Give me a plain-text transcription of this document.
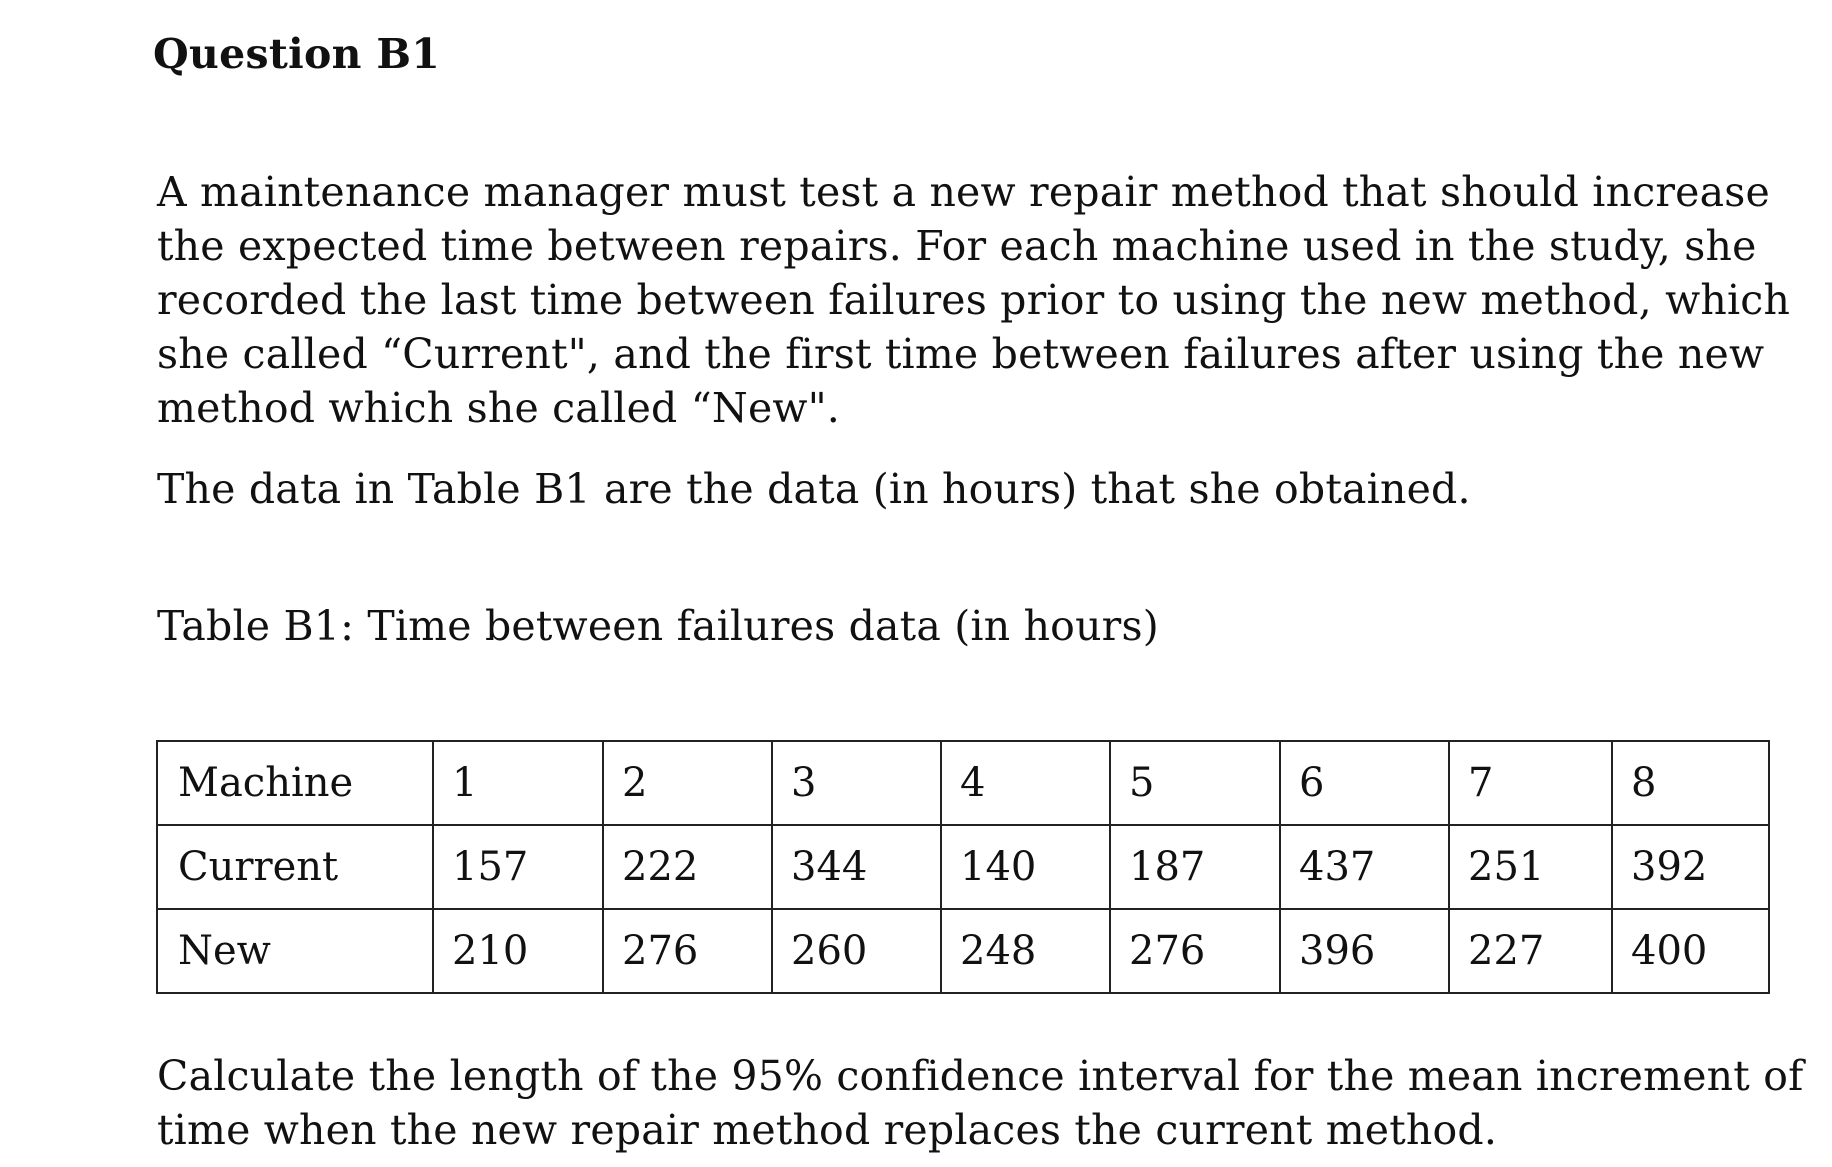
Question B1

A maintenance manager must test a new repair method that should increase the expected time between repairs. For each machine used in the study, she recorded the last time between failures prior to using the new method, which she called “Current", and the first time between failures after using the new method which she called “New".

The data in Table B1 are the data (in hours) that she obtained.

Table B1: Time between failures data (in hours)

Machine	1	2	3	4	5	6	7	8
Current	157	222	344	140	187	437	251	392
New	210	276	260	248	276	396	227	400

Calculate the length of the 95% confidence interval for the mean increment of time when the new repair method replaces the current method.
